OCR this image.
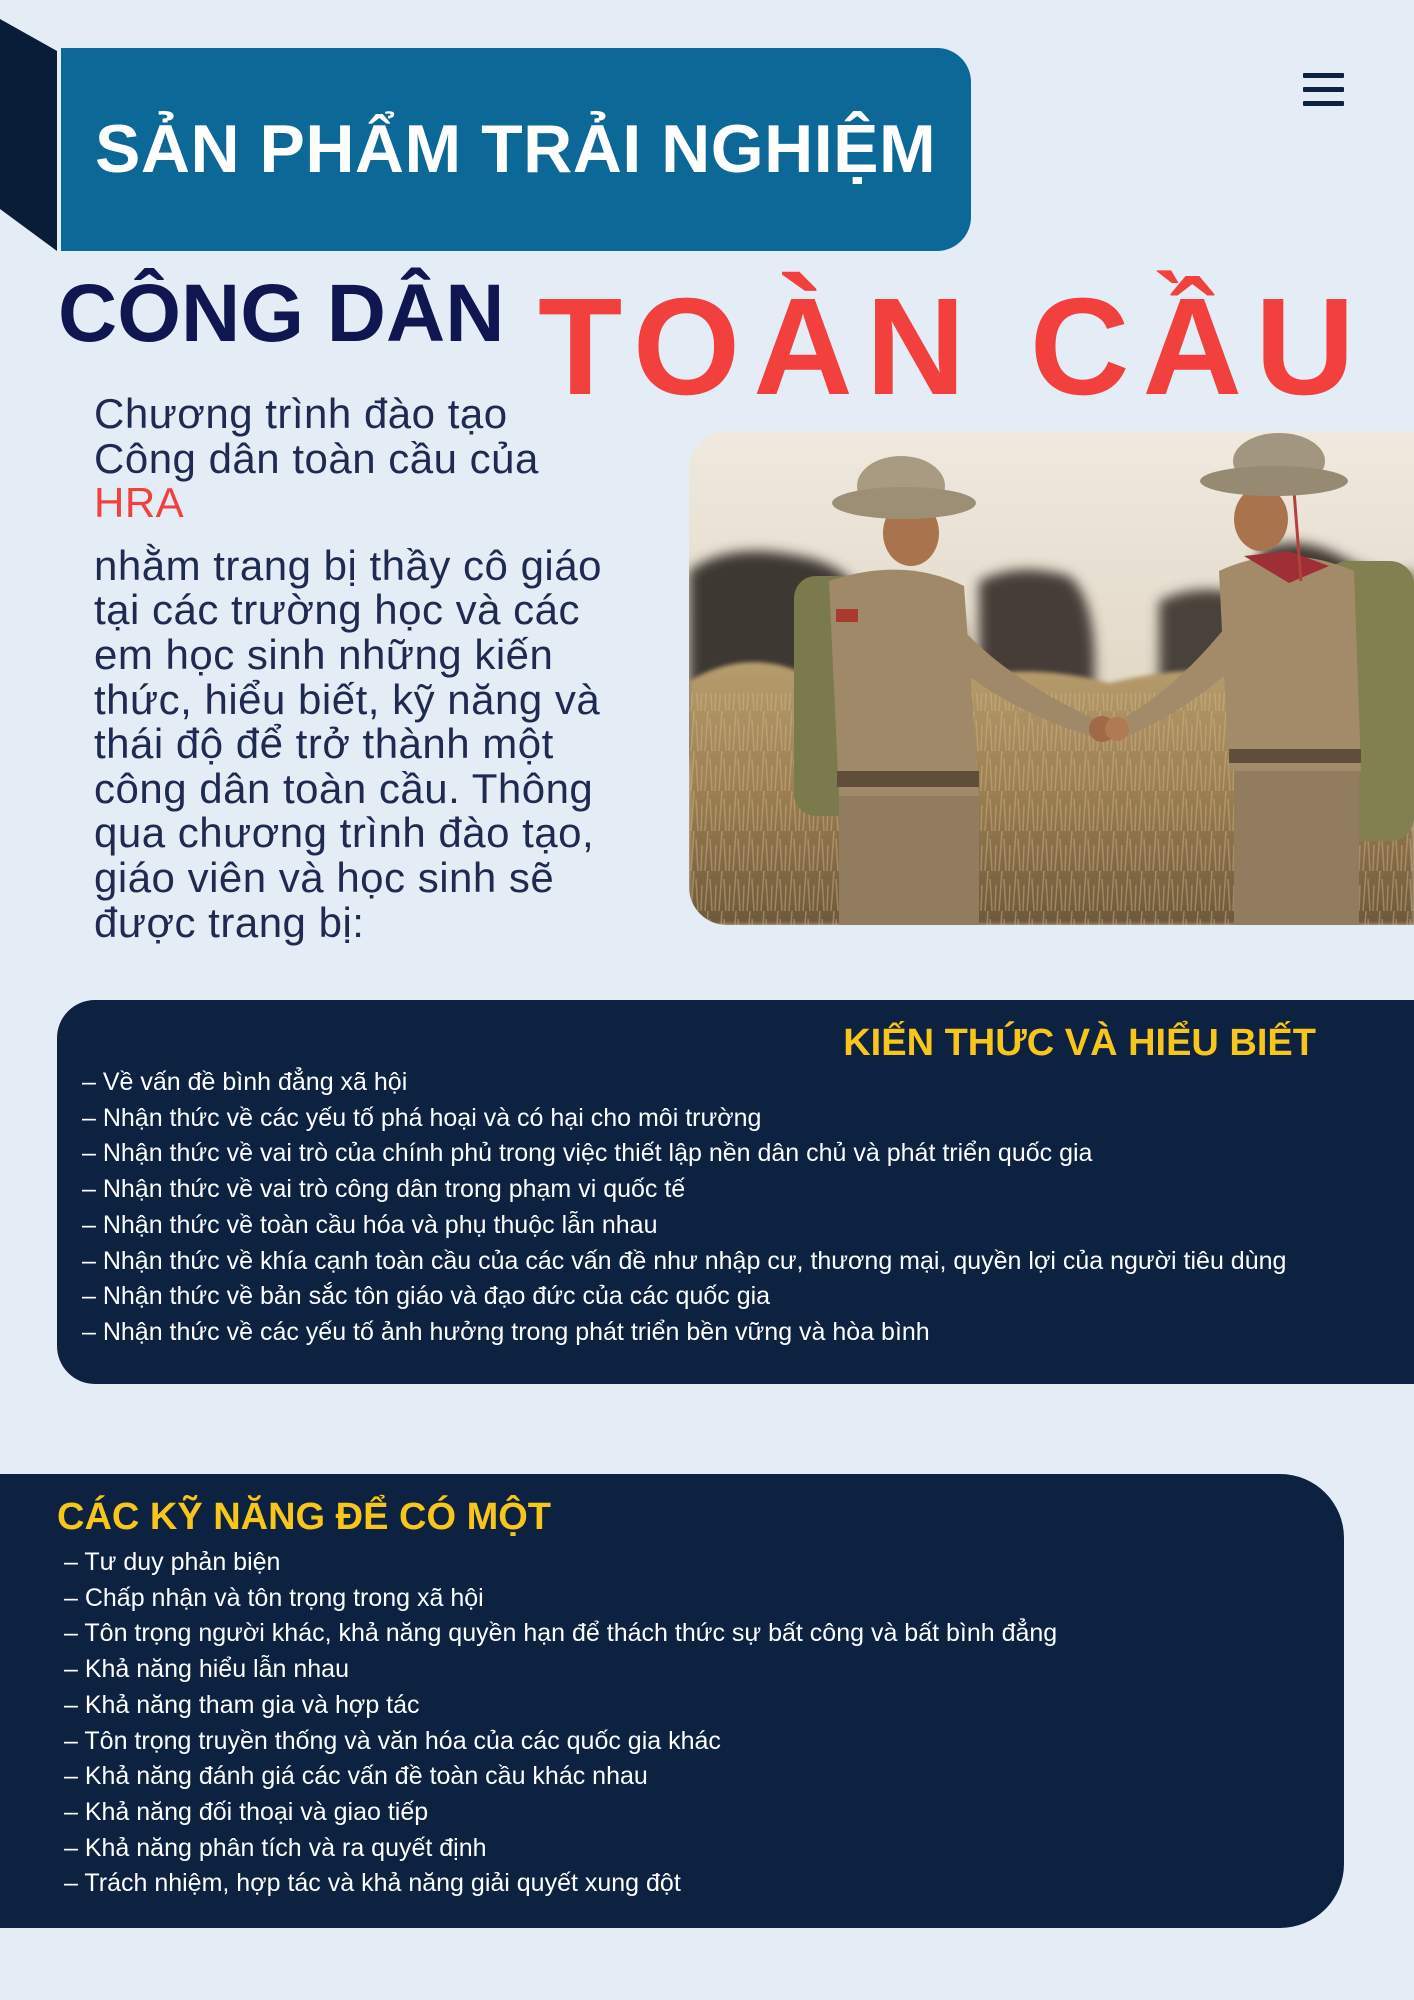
SẢN PHẨM TRẢI NGHIỆM
CÔNG DÂN TOÀN CẦU
Chương trình đào tạo
Công dân toàn cầu của
HRA
nhằm trang bị thầy cô giáo
tại các trường học và các
em học sinh những kiến
thức, hiểu biết, kỹ năng và
thái độ để trở thành một
công dân toàn cầu. Thông
qua chương trình đào tạo,
giáo viên và học sinh sẽ
được trang bị:
KIẾN THỨC VÀ HIỂU BIẾT
– Về vấn đề bình đẳng xã hội
– Nhận thức về các yếu tố phá hoại và có hại cho môi trường
– Nhận thức về vai trò của chính phủ trong việc thiết lập nền dân chủ và phát triển quốc gia
– Nhận thức về vai trò công dân trong phạm vi quốc tế
– Nhận thức về toàn cầu hóa và phụ thuộc lẫn nhau
– Nhận thức về khía cạnh toàn cầu của các vấn đề như nhập cư, thương mại, quyền lợi của người tiêu dùng
– Nhận thức về bản sắc tôn giáo và đạo đức của các quốc gia
– Nhận thức về các yếu tố ảnh hưởng trong phát triển bền vững và hòa bình
CÁC KỸ NĂNG ĐỂ CÓ MỘT
– Tư duy phản biện
– Chấp nhận và tôn trọng trong xã hội
– Tôn trọng người khác, khả năng quyền hạn để thách thức sự bất công và bất bình đẳng
– Khả năng hiểu lẫn nhau
– Khả năng tham gia và hợp tác
– Tôn trọng truyền thống và văn hóa của các quốc gia khác
– Khả năng đánh giá các vấn đề toàn cầu khác nhau
– Khả năng đối thoại và giao tiếp
– Khả năng phân tích và ra quyết định
– Trách nhiệm, hợp tác và khả năng giải quyết xung đột
